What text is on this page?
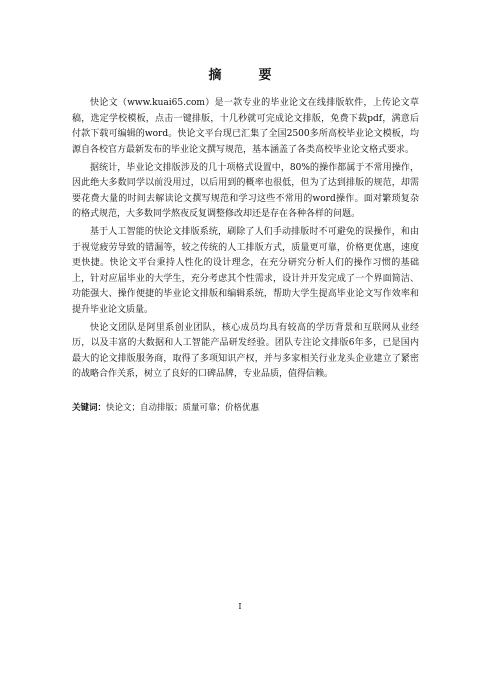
摘　要

快论文（www.kuai65.com）是一款专业的毕业论文在线排版软件，上传论文草稿，选定学校模板，点击一键排版，十几秒就可完成论文排版，免费下载pdf，满意后付款下载可编辑的word。快论文平台现已汇集了全国2500多所高校毕业论文模板，均源自各校官方最新发布的毕业论文撰写规范，基本涵盖了各类高校毕业论文格式要求。

据统计，毕业论文排版涉及的几十项格式设置中，80%的操作都属于不常用操作，因此绝大多数同学以前没用过，以后用到的概率也很低，但为了达到排版的规范，却需要花费大量的时间去解读论文撰写规范和学习这些不常用的word操作。面对繁琐复杂的格式规范，大多数同学熬夜反复调整修改却还是存在各种各样的问题。

基于人工智能的快论文排版系统，刷除了人们手动排版时不可避免的误操作，和由于视觉疲劳导致的错漏等，较之传统的人工排版方式，质量更可靠，价格更优惠，速度更快捷。快论文平台秉持人性化的设计理念，在充分研究分析人们的操作习惯的基础上，针对应届毕业的大学生，充分考虑其个性需求，设计并开发完成了一个界面简洁、功能强大、操作便捷的毕业论文排版和编辑系统，帮助大学生提高毕业论文写作效率和提升毕业论文质量。

快论文团队是阿里系创业团队，核心成员均具有较高的学历背景和互联网从业经历，以及丰富的大数据和人工智能产品研发经验。团队专注论文排版6年多，已是国内最大的论文排版服务商，取得了多项知识产权，并与多家相关行业龙头企业建立了紧密的战略合作关系，树立了良好的口碑品牌，专业品质，值得信赖。

关键词：快论文；自动排版；质量可靠；价格优惠
I
